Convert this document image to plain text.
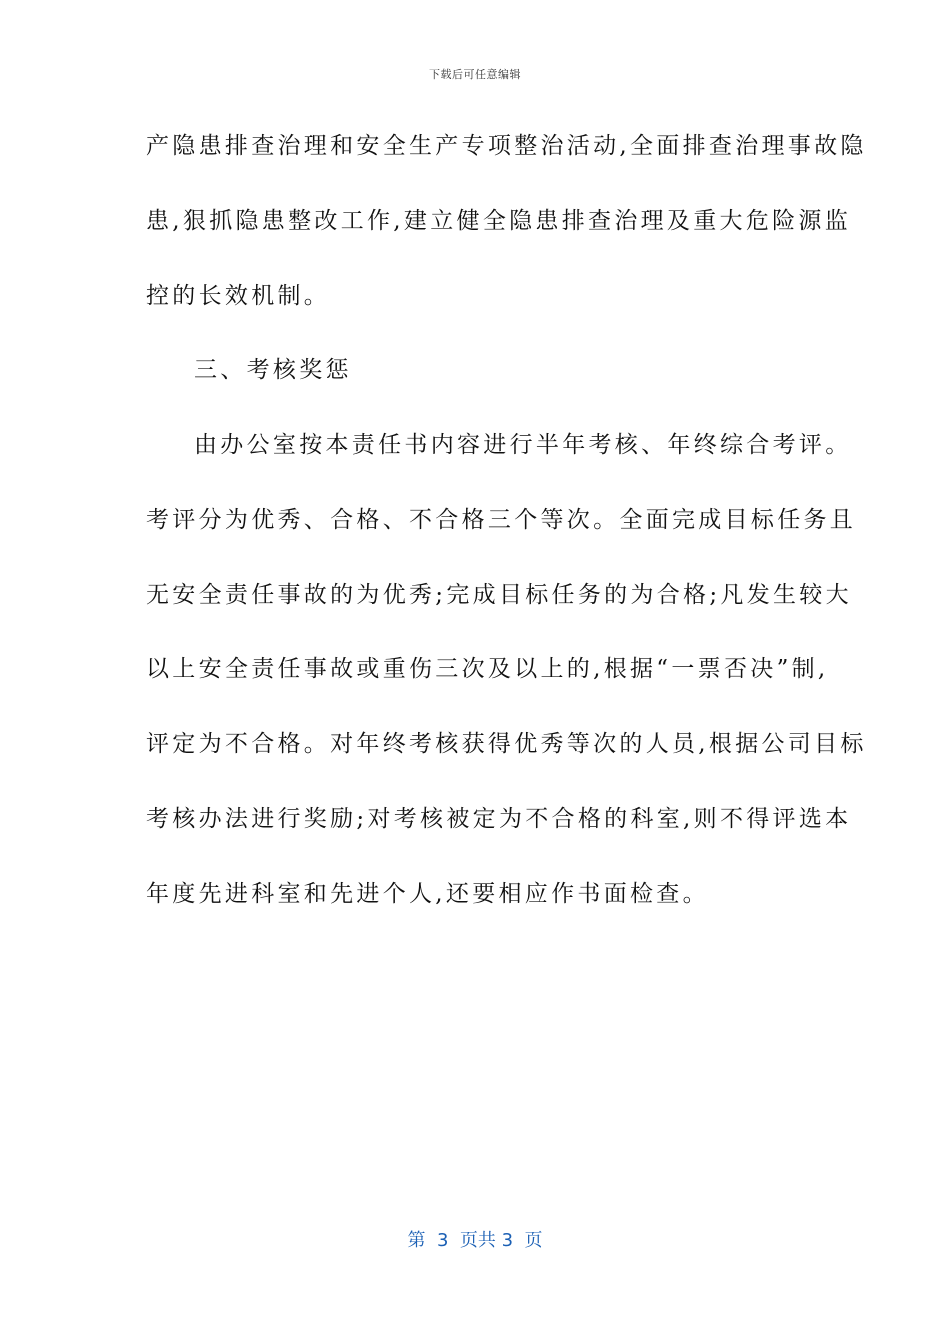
下载后可任意编辑
产隐患排查治理和安全生产专项整治活动,全面排查治理事故隐
患,狠抓隐患整改工作,建立健全隐患排查治理及重大危险源监
控的长效机制。
三、考核奖惩
由办公室按本责任书内容进行半年考核、年终综合考评。
考评分为优秀、合格、不合格三个等次。全面完成目标任务且
无安全责任事故的为优秀;完成目标任务的为合格;凡发生较大
以上安全责任事故或重伤三次及以上的,根据“一票否决”制,
评定为不合格。对年终考核获得优秀等次的人员,根据公司目标
考核办法进行奖励;对考核被定为不合格的科室,则不得评选本
年度先进科室和先进个人,还要相应作书面检查。
第  3  页共 3  页
